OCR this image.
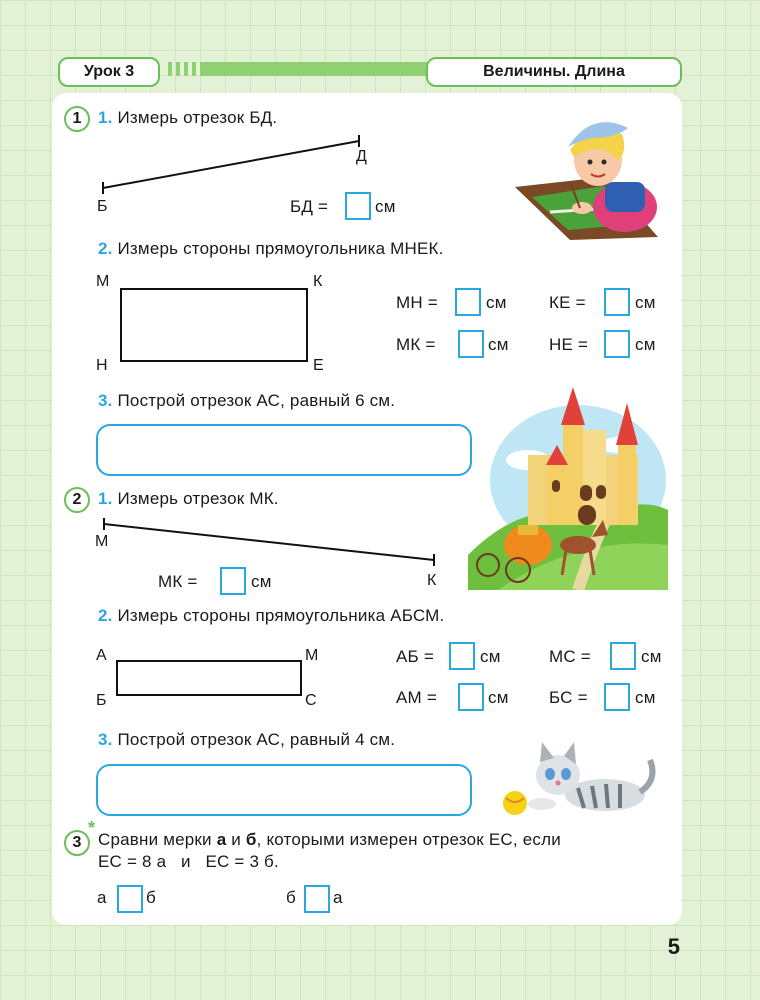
Урок 3	Величины. Длина
1 1. Измерь отрезок БД.
Б
Д
БД =	см
2. Измерь стороны прямоугольника МНЕК.
М	К
Н	Е
МН =	см КЕ =	см
МК =	см НЕ =	см
3. Построй отрезок АС, равный 6 см.
2 1. Измерь отрезок МК.
М
К
МК =	см
2. Измерь стороны прямоугольника АБСМ.
А	М
Б	С
АБ =	см	МС =	см
АМ =	см БС =	см
3. Построй отрезок АС, равный 4 см.
3
*
Сравни мерки а и б, которыми измерен отрезок ЕС, если
ЕС = 8 а   и   ЕС = 3 б.
а б	б а
5
